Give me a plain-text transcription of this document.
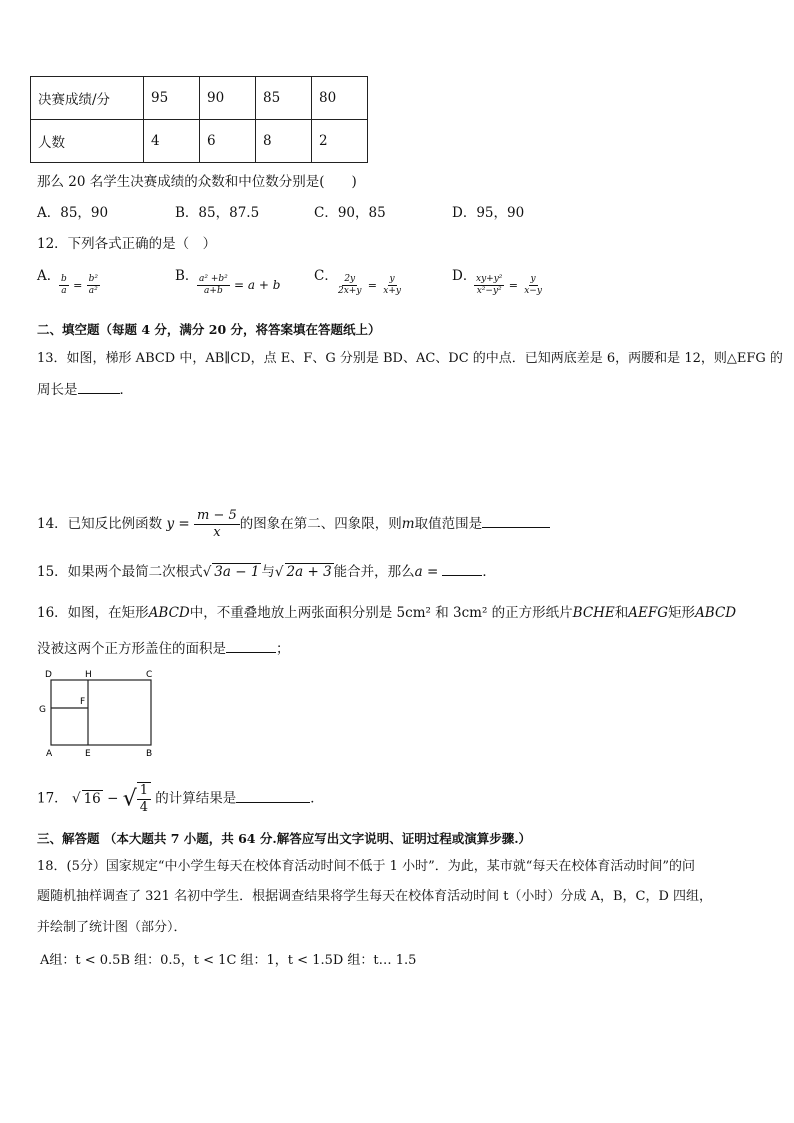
决赛成绩/分	95	90	85	80
人数	4	6	8	2
那么 20 名学生决赛成绩的众数和中位数分别是(　　)
A．85，90	B．85，87.5	C．90，85	D．95，90
12．下列各式正确的是（　）
A．
$\frac{b}{a} = \frac{\text{b²}}{\text{a²}}$	B．
$\frac{\text{a² +b²}}{a+b} = a + b$
C．
$\frac{2y}{2x+y} = \frac{y}{x+y}$	D．
$\frac{\text{xy+y²}}{\text{x²−y²}} = \frac{y}{x-y}$
二、填空题（每题 4 分，满分 20 分，将答案填在答题纸上）
13．如图，梯形 ABCD 中，AB∥CD，点 E、F、G 分别是 BD、AC、DC 的中点．已知两底差是 6，两腰和是 12，则△EFG 的
周长是	．
14．已知反比例函数 $y = \frac{m - 5}{x}$ 的图象在第二、四象限，则m取值范围是
15．如果两个最简二次根式√ 3a − 1 与√ 2a + 3 能合并，那么a =	．
16．如图，在矩形ABCD中，不重叠地放上两张面积分别是 5cm² 和 3cm² 的正方形纸片BCHE和AEFG矩形ABCD
没被这两个正方形盖住的面积是	；
D	H	C
G
F
A	E	B
17． √ 16 − √ $\frac{1}{4}$ 的计算结果是	．
三、解答题 （本大题共 7 小题，共 64 分.解答应写出文字说明、证明过程或演算步骤.）
18．(5分）国家规定“中小学生每天在校体育活动时间不低于 1 小时”．为此，某市就“每天在校体育活动时间”的问
题随机抽样调查了 321 名初中学生．根据调查结果将学生每天在校体育活动时间 t（小时）分成 A，B，C，D 四组，
并绘制了统计图（部分）．
A组：t < 0.5B 组：0.5，t < 1C 组：1，t < 1.5D 组：t… 1.5
